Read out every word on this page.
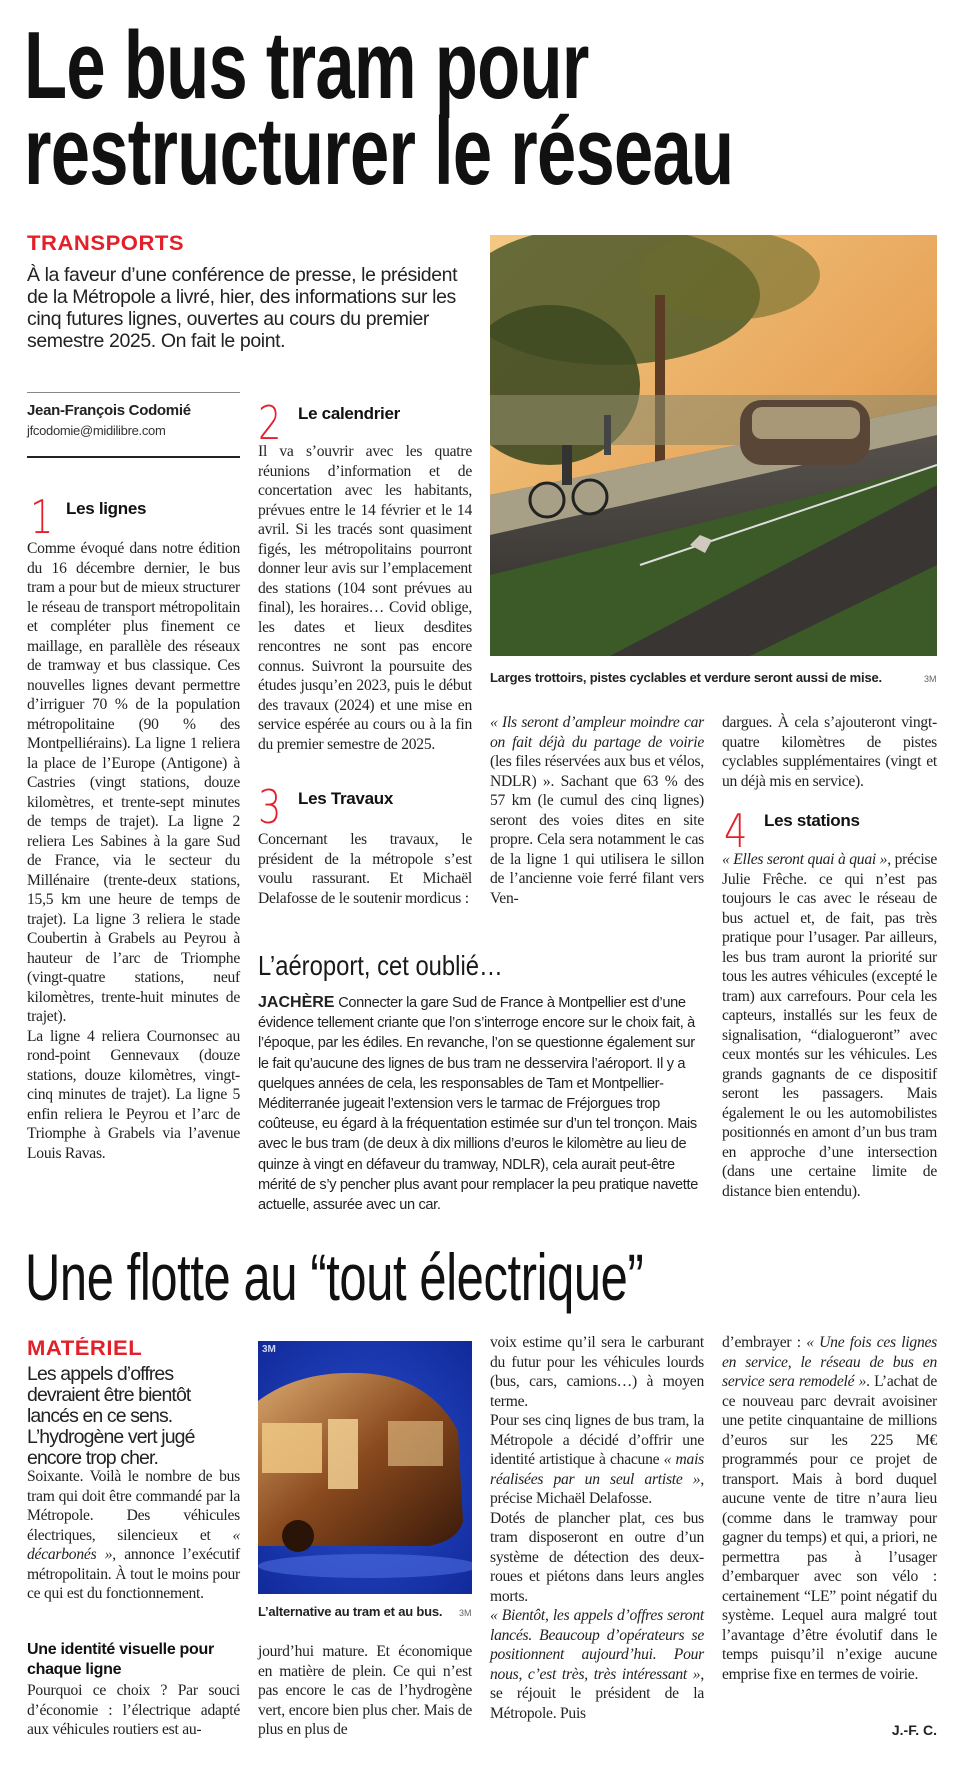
Le bus tram pour
restructurer le réseau
TRANSPORTS
À la faveur d’une conférence de presse, le président de la Métropole a livré, hier, des informations sur les cinq futures lignes, ouvertes au cours du premier semestre 2025. On fait le point.
Larges trottoirs, pistes cyclables et verdure seront aussi de mise.	3M
Jean-François Codomié
jfcodomie@midilibre.com
1 Les lignes

Comme évoqué dans notre édition du 16 décembre dernier, le bus tram a pour but de mieux structurer le réseau de transport métropolitain et compléter plus finement ce maillage, en parallèle des réseaux de tramway et bus classique. Ces nouvelles lignes devant permettre d’irriguer 70 % de la population métropolitaine (90 % des Montpelliérains). La ligne 1 reliera la place de l’Europe (Antigone) à Castries (vingt stations, douze kilomètres, et trente-sept minutes de temps de trajet). La ligne 2 reliera Les Sabines à la gare Sud de France, via le secteur du Millénaire (trente-deux stations, 15,5 km une heure de temps de trajet). La ligne 3 reliera le stade Coubertin à Grabels au Peyrou à hauteur de l’arc de Triomphe (vingt-quatre stations, neuf kilomètres, trente-huit minutes de trajet).

La ligne 4 reliera Cournonsec au rond-point Gennevaux (douze stations, douze kilomètres, vingt-cinq minutes de trajet). La ligne 5 enfin reliera le Peyrou et l’arc de Triomphe à Grabels via l’avenue Louis Ravas.

2 Le calendrier

Il va s’ouvrir avec les quatre réunions d’information et de concertation avec les habitants, prévues entre le 14 février et le 14 avril. Si les tracés sont quasiment figés, les métropolitains pourront donner leur avis sur l’emplacement des stations (104 sont prévues au final), les horaires… Covid oblige, les dates et lieux desdites rencontres ne sont pas encore connus. Suivront la poursuite des études jusqu’en 2023, puis le début des travaux (2024) et une mise en service espérée au cours ou à la fin du premier semestre de 2025.

3 Les Travaux

Concernant les travaux, le président de la métropole s’est voulu rassurant. Et Michaël Delafosse de le soutenir mordicus :

« Ils seront d’ampleur moindre car on fait déjà du partage de voirie (les files réservées aux bus et vélos, NDLR) ». Sachant que 63 % des 57 km (le cumul des cinq lignes) seront des voies dites en site propre. Cela sera notamment le cas de la ligne 1 qui utilisera le sillon de l’ancienne voie ferré filant vers Ven-

dargues. À cela s’ajouteront vingt-quatre kilomètres de pistes cyclables supplémentaires (vingt et un déjà mis en service).

4 Les stations

« Elles seront quai à quai », précise Julie Frêche. ce qui n’est pas toujours le cas avec le réseau de bus actuel et, de fait, pas très pratique pour l’usager. Par ailleurs, les bus tram auront la priorité sur tous les autres véhicules (excepté le tram) aux carrefours. Pour cela les capteurs, installés sur les feux de signalisation, “dialogueront” avec ceux montés sur les véhicules. Les grands gagnants de ce dispositif seront les passagers. Mais également le ou les automobilistes positionnés en amont d’un bus tram en approche d’une intersection (dans une certaine limite de distance bien entendu).

L’aéroport, cet oublié…
JACHÈRE Connecter la gare Sud de France à Montpellier est d’une évidence tellement criante que l’on s’interroge encore sur le choix fait, à l’époque, par les édiles. En revanche, l’on se questionne également sur le fait qu’aucune des lignes de bus tram ne desservira l’aéroport. Il y a quelques années de cela, les responsables de Tam et Montpellier-Méditerranée jugeait l’extension vers le tarmac de Fréjorgues trop coûteuse, eu égard à la fréquentation estimée sur d’un tel tronçon. Mais avec le bus tram (de deux à dix millions d’euros le kilomètre au lieu de quinze à vingt en défaveur du tramway, NDLR), cela aurait peut-être mérité de s’y pencher plus avant pour remplacer la peu pratique navette actuelle, assurée avec un car.
Une flotte au “tout électrique”
MATÉRIEL
Les appels d’offres devraient être bientôt lancés en ce sens. L’hydrogène vert jugé encore trop cher.
3M
L’alternative au tram et au bus. 3M

Soixante. Voilà le nombre de bus tram qui doit être commandé par la Métropole. Des véhicules électriques, silencieux et « décarbonés », annonce l’exécutif métropolitain. À tout le moins pour ce qui est du fonctionnement.

Une identité visuelle pour chaque ligne

Pourquoi ce choix ? Par souci d’économie : l’électrique adapté aux véhicules routiers est au-

jourd’hui mature. Et économique en matière de plein. Ce qui n’est pas encore le cas de l’hydrogène vert, encore bien plus cher. Mais de plus en plus de

voix estime qu’il sera le carburant du futur pour les véhicules lourds (bus, cars, camions…) à moyen terme.

Pour ses cinq lignes de bus tram, la Métropole a décidé d’offrir une identité artistique à chacune « mais réalisées par un seul artiste », précise Michaël Delafosse.

Dotés de plancher plat, ces bus tram disposeront en outre d’un système de détection des deux-roues et piétons dans leurs angles morts.

« Bientôt, les appels d’offres seront lancés. Beaucoup d’opérateurs se positionnent aujourd’hui. Pour nous, c’est très, très intéressant », se réjouit le président de la Métropole. Puis

d’embrayer : « Une fois ces lignes en service, le réseau de bus en service sera remodelé ». L’achat de ce nouveau parc devrait avoisiner une petite cinquantaine de millions d’euros sur les 225 M€ programmés pour ce projet de transport. Mais à bord duquel aucune vente de titre n’aura lieu (comme dans le tramway pour gagner du temps) et qui, a priori, ne permettra pas à l’usager d’embarquer avec son vélo : certainement “LE” point négatif du système. Lequel aura malgré tout l’avantage d’être évolutif dans le temps puisqu’il n’exige aucune emprise fixe en termes de voirie.

J.-F. C.
